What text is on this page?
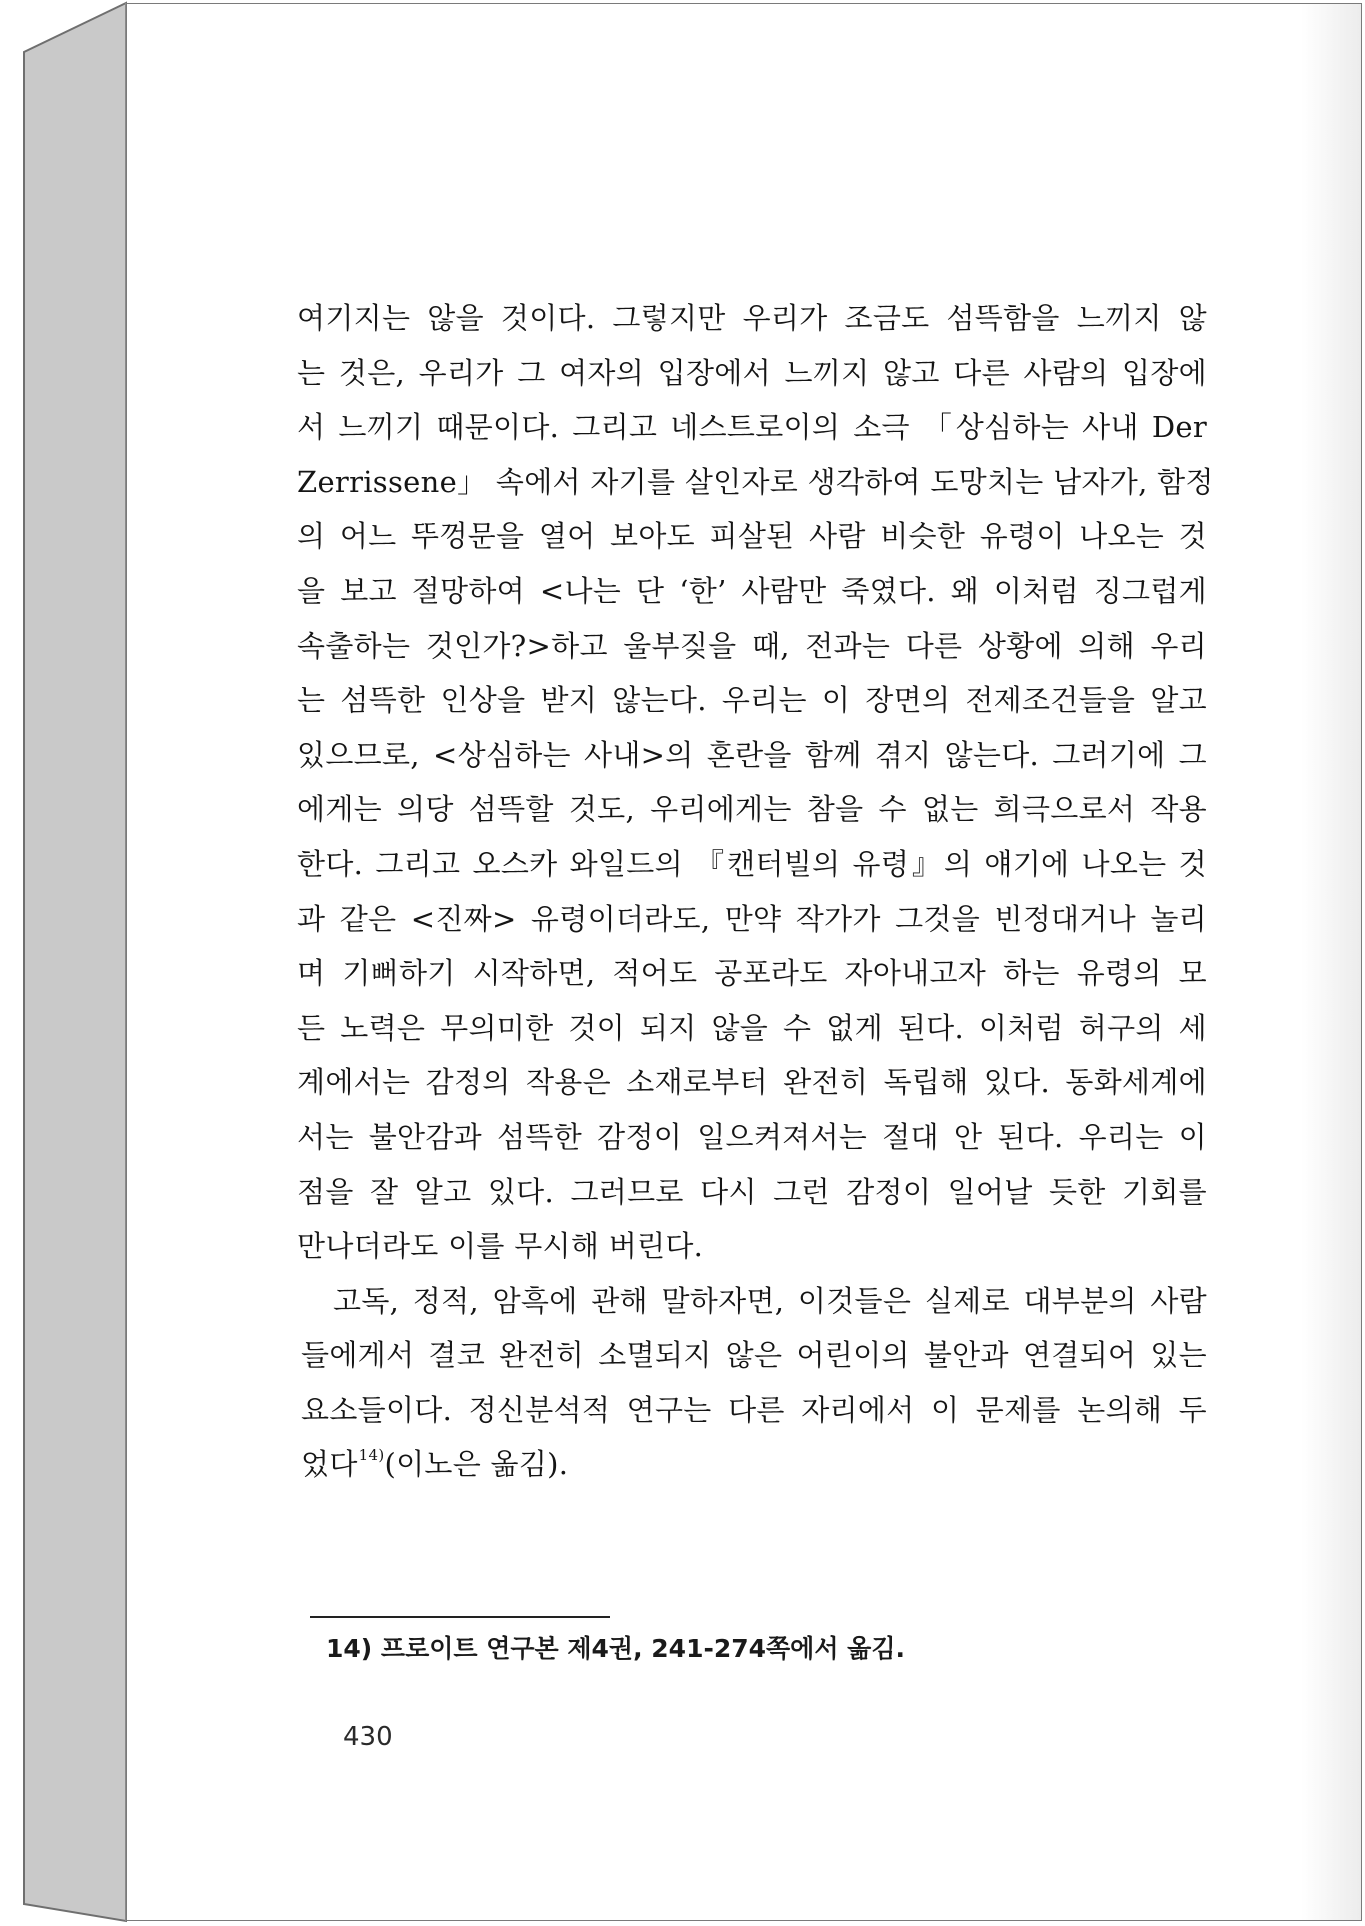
여기지는 않을 것이다. 그렇지만 우리가 조금도 섬뜩함을 느끼지 않
는 것은, 우리가 그 여자의 입장에서 느끼지 않고 다른 사람의 입장에
서 느끼기 때문이다. 그리고 네스트로이의 소극 「상심하는 사내 Der
Zerrissene」 속에서 자기를 살인자로 생각하여 도망치는 남자가, 함정
의 어느 뚜껑문을 열어 보아도 피살된 사람 비슷한 유령이 나오는 것
을 보고 절망하여 <나는 단 ‘한’ 사람만 죽였다. 왜 이처럼 징그럽게
속출하는 것인가?>하고 울부짖을 때, 전과는 다른 상황에 의해 우리
는 섬뜩한 인상을 받지 않는다. 우리는 이 장면의 전제조건들을 알고
있으므로, <상심하는 사내>의 혼란을 함께 겪지 않는다. 그러기에 그
에게는 의당 섬뜩할 것도, 우리에게는 참을 수 없는 희극으로서 작용
한다. 그리고 오스카 와일드의 『캔터빌의 유령』의 얘기에 나오는 것
과 같은 <진짜> 유령이더라도, 만약 작가가 그것을 빈정대거나 놀리
며 기뻐하기 시작하면, 적어도 공포라도 자아내고자 하는 유령의 모
든 노력은 무의미한 것이 되지 않을 수 없게 된다. 이처럼 허구의 세
계에서는 감정의 작용은 소재로부터 완전히 독립해 있다. 동화세계에
서는 불안감과 섬뜩한 감정이 일으켜져서는 절대 안 된다. 우리는 이
점을 잘 알고 있다. 그러므로 다시 그런 감정이 일어날 듯한 기회를
만나더라도 이를 무시해 버린다.
고독, 정적, 암흑에 관해 말하자면, 이것들은 실제로 대부분의 사람
들에게서 결코 완전히 소멸되지 않은 어린이의 불안과 연결되어 있는
요소들이다. 정신분석적 연구는 다른 자리에서 이 문제를 논의해 두
었다$^{14)}$(이노은 옮김).
14) 프로이트 연구본 제4권, 241-274쪽에서 옮김.
430
